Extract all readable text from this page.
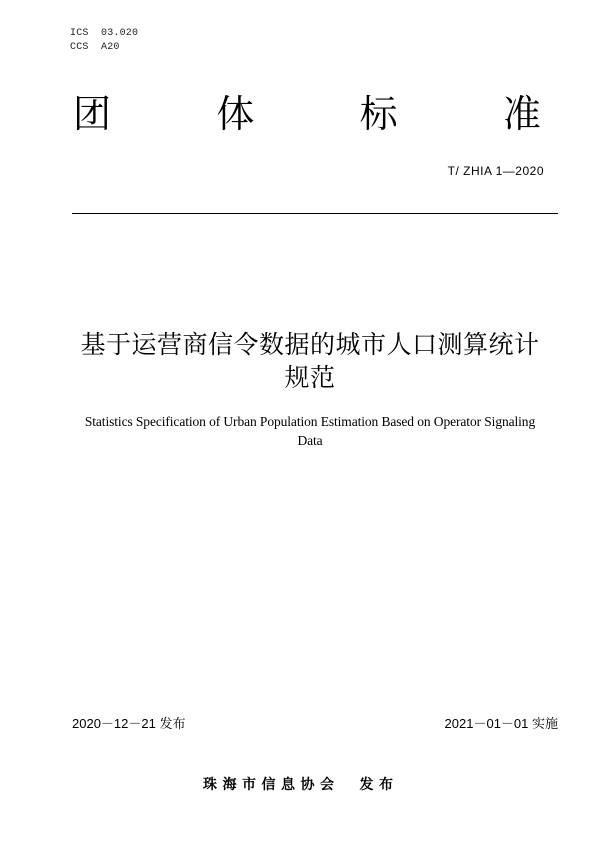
ICS  03.020
CCS  A20
团	体	标	准
T/ ZHIA 1—2020
基于运营商信令数据的城市人口测算统计
规范
Statistics Specification of Urban Population Estimation Based on Operator Signaling
Data
2020－12－21 发布	2021－01－01 实施
珠海市信息协会 发布
